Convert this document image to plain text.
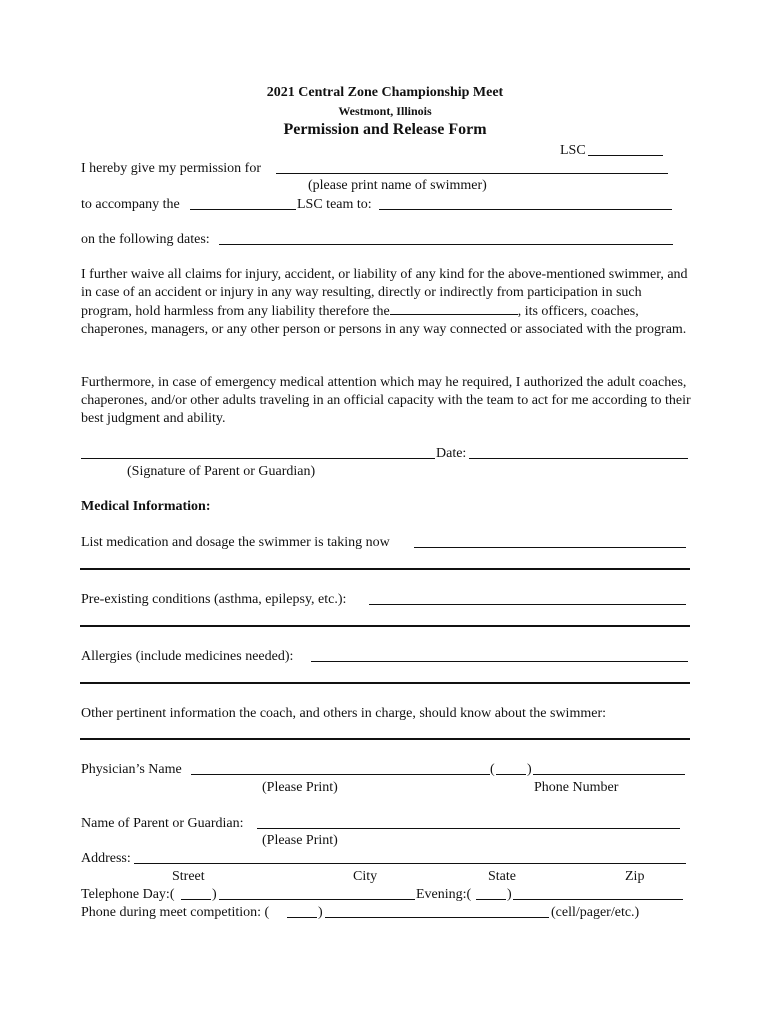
2021 Central Zone Championship Meet
Westmont, Illinois
Permission and Release Form
LSC
I hereby give my permission for
(please print name of swimmer)
to accompany the	LSC team to:
on the following dates:
I further waive all claims for injury, accident, or liability of any kind for the above-mentioned swimmer, and in case of an accident or injury in any way resulting, directly or indirectly from participation in such program, hold harmless from any liability therefore the	, its officers, coaches, chaperones, managers, or any other person or persons in any way connected or associated with the program.
Furthermore, in case of emergency medical attention which may he required, I authorized the adult coaches, chaperones, and/or other adults traveling in an official capacity with the team to act for me according to their best judgment and ability.
Date:
(Signature of Parent or Guardian)
Medical Information:
List medication and dosage the swimmer is taking now
Pre-existing conditions (asthma, epilepsy, etc.):
Allergies (include medicines needed):
Other pertinent information the coach, and others in charge, should know about the swimmer:
Physician’s Name	( )
(Please Print)	Phone Number
Name of Parent or Guardian:
(Please Print)
Address:
Street	City	State	Zip
Telephone Day:(	)	Evening:(	)
Phone during meet competition: (	)	(cell/pager/etc.)
